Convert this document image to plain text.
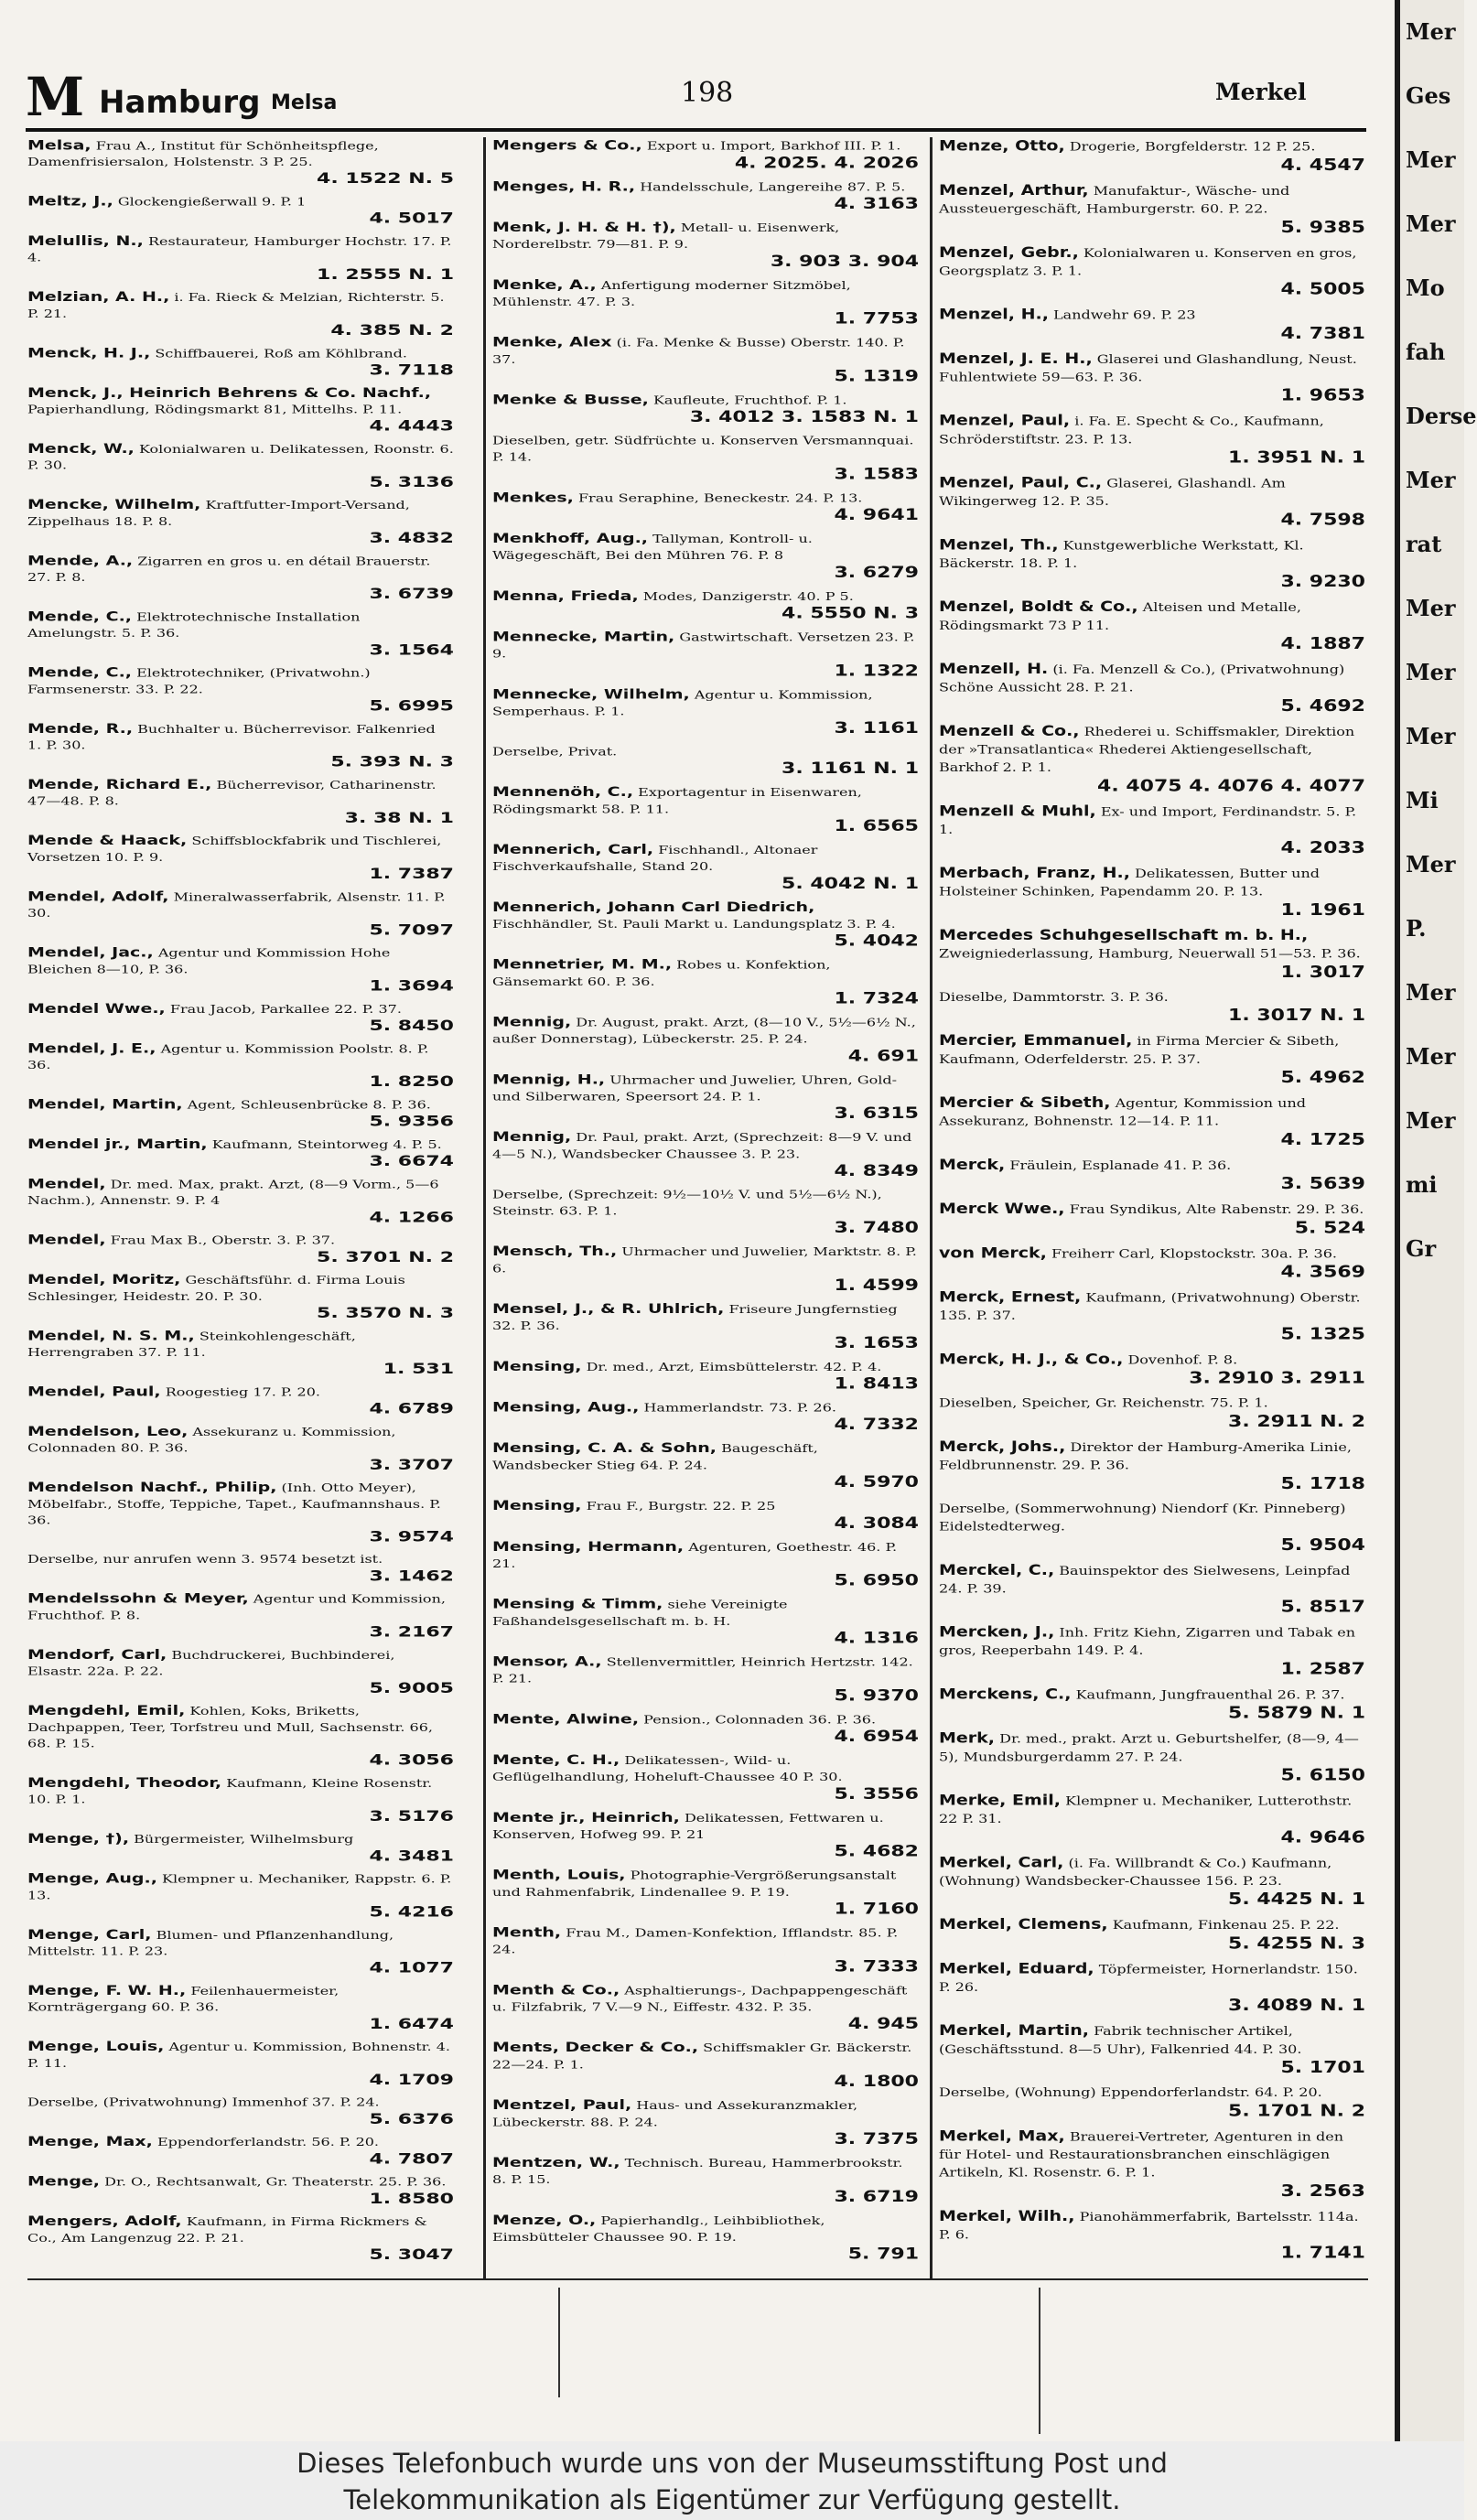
M Hamburg Melsa	198	Merkel
Melsa, Frau A., Institut für Schönheitspflege, Damenfrisiersalon, Holstenstr. 3 P. 25.
4. 1522 N. 5
Meltz, J., Glockengießerwall 9. P. 1
4. 5017
Melullis, N., Restaurateur, Hamburger Hochstr. 17. P. 4.
1. 2555 N. 1
Melzian, A. H., i. Fa. Rieck & Melzian, Richterstr. 5. P. 21.
4. 385 N. 2
Menck, H. J., Schiffbauerei, Roß am Köhlbrand.
3. 7118
Menck, J., Heinrich Behrens & Co. Nachf., Papierhandlung, Rödingsmarkt 81, Mittelhs. P. 11.
4. 4443
Menck, W., Kolonialwaren u. Delikatessen, Roonstr. 6. P. 30.
5. 3136
Mencke, Wilhelm, Kraftfutter-Import-Versand, Zippelhaus 18. P. 8.
3. 4832
Mende, A., Zigarren en gros u. en détail Brauerstr. 27. P. 8.
3. 6739
Mende, C., Elektrotechnische Installation Amelungstr. 5. P. 36.
3. 1564
Mende, C., Elektrotechniker, (Privatwohn.) Farmsenerstr. 33. P. 22.
5. 6995
Mende, R., Buchhalter u. Bücherrevisor. Falkenried 1. P. 30.
5. 393 N. 3
Mende, Richard E., Bücherrevisor, Catharinenstr. 47—48. P. 8.
3. 38 N. 1
Mende & Haack, Schiffsblockfabrik und Tischlerei, Vorsetzen 10. P. 9.
1. 7387
Mendel, Adolf, Mineralwasserfabrik, Alsenstr. 11. P. 30.
5. 7097
Mendel, Jac., Agentur und Kommission Hohe Bleichen 8—10, P. 36.
1. 3694
Mendel Wwe., Frau Jacob, Parkallee 22. P. 37.
5. 8450
Mendel, J. E., Agentur u. Kommission Poolstr. 8. P. 36.
1. 8250
Mendel, Martin, Agent, Schleusenbrücke 8. P. 36.
5. 9356
Mendel jr., Martin, Kaufmann, Steintorweg 4. P. 5.
3. 6674
Mendel, Dr. med. Max, prakt. Arzt, (8—9 Vorm., 5—6 Nachm.), Annenstr. 9. P. 4
4. 1266
Mendel, Frau Max B., Oberstr. 3. P. 37.
5. 3701 N. 2
Mendel, Moritz, Geschäftsführ. d. Firma Louis Schlesinger, Heidestr. 20. P. 30.
5. 3570 N. 3
Mendel, N. S. M., Steinkohlengeschäft, Herrengraben 37. P. 11.
1. 531
Mendel, Paul, Roogestieg 17. P. 20.
4. 6789
Mendelson, Leo, Assekuranz u. Kommission, Colonnaden 80. P. 36.
3. 3707
Mendelson Nachf., Philip, (Inh. Otto Meyer), Möbelfabr., Stoffe, Teppiche, Tapet., Kaufmannshaus. P. 36.
3. 9574
Derselbe, nur anrufen wenn 3. 9574 besetzt ist.
3. 1462
Mendelssohn & Meyer, Agentur und Kommission, Fruchthof. P. 8.
3. 2167
Mendorf, Carl, Buchdruckerei, Buchbinderei, Elsastr. 22a. P. 22.
5. 9005
Mengdehl, Emil, Kohlen, Koks, Briketts, Dachpappen, Teer, Torfstreu und Mull, Sachsenstr. 66, 68. P. 15.
4. 3056
Mengdehl, Theodor, Kaufmann, Kleine Rosenstr. 10. P. 1.
3. 5176
Menge, †), Bürgermeister, Wilhelmsburg
4. 3481
Menge, Aug., Klempner u. Mechaniker, Rappstr. 6. P. 13.
5. 4216
Menge, Carl, Blumen- und Pflanzenhandlung, Mittelstr. 11. P. 23.
4. 1077
Menge, F. W. H., Feilenhauermeister, Kornträgergang 60. P. 36.
1. 6474
Menge, Louis, Agentur u. Kommission, Bohnenstr. 4. P. 11.
4. 1709
Derselbe, (Privatwohnung) Immenhof 37. P. 24.
5. 6376
Menge, Max, Eppendorferlandstr. 56. P. 20.
4. 7807
Menge, Dr. O., Rechtsanwalt, Gr. Theaterstr. 25. P. 36.
1. 8580
Mengers, Adolf, Kaufmann, in Firma Rickmers & Co., Am Langenzug 22. P. 21.
5. 3047
Mengers & Co., Export u. Import, Barkhof III. P. 1.
4. 2025. 4. 2026
Menges, H. R., Handelsschule, Langereihe 87. P. 5.
4. 3163
Menk, J. H. & H. †), Metall- u. Eisenwerk, Norderelbstr. 79—81. P. 9.
3. 903 3. 904
Menke, A., Anfertigung moderner Sitzmöbel, Mühlenstr. 47. P. 3.
1. 7753
Menke, Alex (i. Fa. Menke & Busse) Oberstr. 140. P. 37.
5. 1319
Menke & Busse, Kaufleute, Fruchthof. P. 1.
3. 4012 3. 1583 N. 1
Dieselben, getr. Südfrüchte u. Konserven Versmannquai. P. 14.
3. 1583
Menkes, Frau Seraphine, Beneckestr. 24. P. 13.
4. 9641
Menkhoff, Aug., Tallyman, Kontroll- u. Wägegeschäft, Bei den Mühren 76. P. 8
3. 6279
Menna, Frieda, Modes, Danzigerstr. 40. P 5.
4. 5550 N. 3
Mennecke, Martin, Gastwirtschaft. Versetzen 23. P. 9.
1. 1322
Mennecke, Wilhelm, Agentur u. Kommission, Semperhaus. P. 1.
3. 1161
Derselbe, Privat.
3. 1161 N. 1
Mennenöh, C., Exportagentur in Eisenwaren, Rödingsmarkt 58. P. 11.
1. 6565
Mennerich, Carl, Fischhandl., Altonaer Fischverkaufshalle, Stand 20.
5. 4042 N. 1
Mennerich, Johann Carl Diedrich, Fischhändler, St. Pauli Markt u. Landungsplatz 3. P. 4.
5. 4042
Mennetrier, M. M., Robes u. Konfektion, Gänsemarkt 60. P. 36.
1. 7324
Mennig, Dr. August, prakt. Arzt, (8—10 V., 5½—6½ N., außer Donnerstag), Lübeckerstr. 25. P. 24.
4. 691
Mennig, H., Uhrmacher und Juwelier, Uhren, Gold- und Silberwaren, Speersort 24. P. 1.
3. 6315
Mennig, Dr. Paul, prakt. Arzt, (Sprechzeit: 8—9 V. und 4—5 N.), Wandsbecker Chaussee 3. P. 23.
4. 8349
Derselbe, (Sprechzeit: 9½—10½ V. und 5½—6½ N.), Steinstr. 63. P. 1.
3. 7480
Mensch, Th., Uhrmacher und Juwelier, Marktstr. 8. P. 6.
1. 4599
Mensel, J., & R. Uhlrich, Friseure Jungfernstieg 32. P. 36.
3. 1653
Mensing, Dr. med., Arzt, Eimsbüttelerstr. 42. P. 4.
1. 8413
Mensing, Aug., Hammerlandstr. 73. P. 26.
4. 7332
Mensing, C. A. & Sohn, Baugeschäft, Wandsbecker Stieg 64. P. 24.
4. 5970
Mensing, Frau F., Burgstr. 22. P. 25
4. 3084
Mensing, Hermann, Agenturen, Goethestr. 46. P. 21.
5. 6950
Mensing & Timm, siehe Vereinigte Faßhandelsgesellschaft m. b. H.
4. 1316
Mensor, A., Stellenvermittler, Heinrich Hertzstr. 142. P. 21.
5. 9370
Mente, Alwine, Pension., Colonnaden 36. P. 36.
4. 6954
Mente, C. H., Delikatessen-, Wild- u. Geflügelhandlung, Hoheluft-Chaussee 40 P. 30.
5. 3556
Mente jr., Heinrich, Delikatessen, Fettwaren u. Konserven, Hofweg 99. P. 21
5. 4682
Menth, Louis, Photographie-Vergrößerungsanstalt und Rahmenfabrik, Lindenallee 9. P. 19.
1. 7160
Menth, Frau M., Damen-Konfektion, Ifflandstr. 85. P. 24.
3. 7333
Menth & Co., Asphaltierungs-, Dachpappengeschäft u. Filzfabrik, 7 V.—9 N., Eiffestr. 432. P. 35.
4. 945
Ments, Decker & Co., Schiffsmakler Gr. Bäckerstr. 22—24. P. 1.
4. 1800
Mentzel, Paul, Haus- und Assekuranzmakler, Lübeckerstr. 88. P. 24.
3. 7375
Mentzen, W., Technisch. Bureau, Hammerbrookstr. 8. P. 15.
3. 6719
Menze, O., Papierhandlg., Leihbibliothek, Eimsbütteler Chaussee 90. P. 19.
5. 791
Menze, Otto, Drogerie, Borgfelderstr. 12 P. 25.
4. 4547
Menzel, Arthur, Manufaktur-, Wäsche- und Aussteuergeschäft, Hamburgerstr. 60. P. 22.
5. 9385
Menzel, Gebr., Kolonialwaren u. Konserven en gros, Georgsplatz 3. P. 1.
4. 5005
Menzel, H., Landwehr 69. P. 23
4. 7381
Menzel, J. E. H., Glaserei und Glashandlung, Neust. Fuhlentwiete 59—63. P. 36.
1. 9653
Menzel, Paul, i. Fa. E. Specht & Co., Kaufmann, Schröderstiftstr. 23. P. 13.
1. 3951 N. 1
Menzel, Paul, C., Glaserei, Glashandl. Am Wikingerweg 12. P. 35.
4. 7598
Menzel, Th., Kunstgewerbliche Werkstatt, Kl. Bäckerstr. 18. P. 1.
3. 9230
Menzel, Boldt & Co., Alteisen und Metalle, Rödingsmarkt 73 P 11.
4. 1887
Menzell, H. (i. Fa. Menzell & Co.), (Privatwohnung) Schöne Aussicht 28. P. 21.
5. 4692
Menzell & Co., Rhederei u. Schiffsmakler, Direktion der »Transatlantica« Rhederei Aktiengesellschaft, Barkhof 2. P. 1.
4. 4075 4. 4076 4. 4077
Menzell & Muhl, Ex- und Import, Ferdinandstr. 5. P. 1.
4. 2033
Merbach, Franz, H., Delikatessen, Butter und Holsteiner Schinken, Papendamm 20. P. 13.
1. 1961
Mercedes Schuhgesellschaft m. b. H., Zweigniederlassung, Hamburg, Neuerwall 51—53. P. 36.
1. 3017
Dieselbe, Dammtorstr. 3. P. 36.
1. 3017 N. 1
Mercier, Emmanuel, in Firma Mercier & Sibeth, Kaufmann, Oderfelderstr. 25. P. 37.
5. 4962
Mercier & Sibeth, Agentur, Kommission und Assekuranz, Bohnenstr. 12—14. P. 11.
4. 1725
Merck, Fräulein, Esplanade 41. P. 36.
3. 5639
Merck Wwe., Frau Syndikus, Alte Rabenstr. 29. P. 36.
5. 524
von Merck, Freiherr Carl, Klopstockstr. 30a. P. 36.
4. 3569
Merck, Ernest, Kaufmann, (Privatwohnung) Oberstr. 135. P. 37.
5. 1325
Merck, H. J., & Co., Dovenhof. P. 8.
3. 2910 3. 2911
Dieselben, Speicher, Gr. Reichenstr. 75. P. 1.
3. 2911 N. 2
Merck, Johs., Direktor der Hamburg-Amerika Linie, Feldbrunnenstr. 29. P. 36.
5. 1718
Derselbe, (Sommerwohnung) Niendorf (Kr. Pinneberg) Eidelstedterweg.
5. 9504
Merckel, C., Bauinspektor des Sielwesens, Leinpfad 24. P. 39.
5. 8517
Mercken, J., Inh. Fritz Kiehn, Zigarren und Tabak en gros, Reeperbahn 149. P. 4.
1. 2587
Merckens, C., Kaufmann, Jungfrauenthal 26. P. 37.
5. 5879 N. 1
Merk, Dr. med., prakt. Arzt u. Geburtshelfer, (8—9, 4—5), Mundsburgerdamm 27. P. 24.
5. 6150
Merke, Emil, Klempner u. Mechaniker, Lutterothstr. 22 P. 31.
4. 9646
Merkel, Carl, (i. Fa. Willbrandt & Co.) Kaufmann, (Wohnung) Wandsbecker-Chaussee 156. P. 23.
5. 4425 N. 1
Merkel, Clemens, Kaufmann, Finkenau 25. P. 22.
5. 4255 N. 3
Merkel, Eduard, Töpfermeister, Hornerlandstr. 150. P. 26.
3. 4089 N. 1
Merkel, Martin, Fabrik technischer Artikel, (Geschäftsstund. 8—5 Uhr), Falkenried 44. P. 30.
5. 1701
Derselbe, (Wohnung) Eppendorferlandstr. 64. P. 20.
5. 1701 N. 2
Merkel, Max, Brauerei-Vertreter, Agenturen in den für Hotel- und Restaurationsbranchen einschlägigen Artikeln, Kl. Rosenstr. 6. P. 1.
3. 2563
Merkel, Wilh., Pianohämmerfabrik, Bartelsstr. 114a. P. 6.
1. 7141
Mer
Ges
Mer
Mer
Mo
fah
Derse
Mer
rat
Mer
Mer
Mer
Mi
Mer
P.
Mer
Mer
Mer
mi
Gr
Dieses Telefonbuch wurde uns von der Museumsstiftung Post und
Telekommunikation als Eigentümer zur Verfügung gestellt.
